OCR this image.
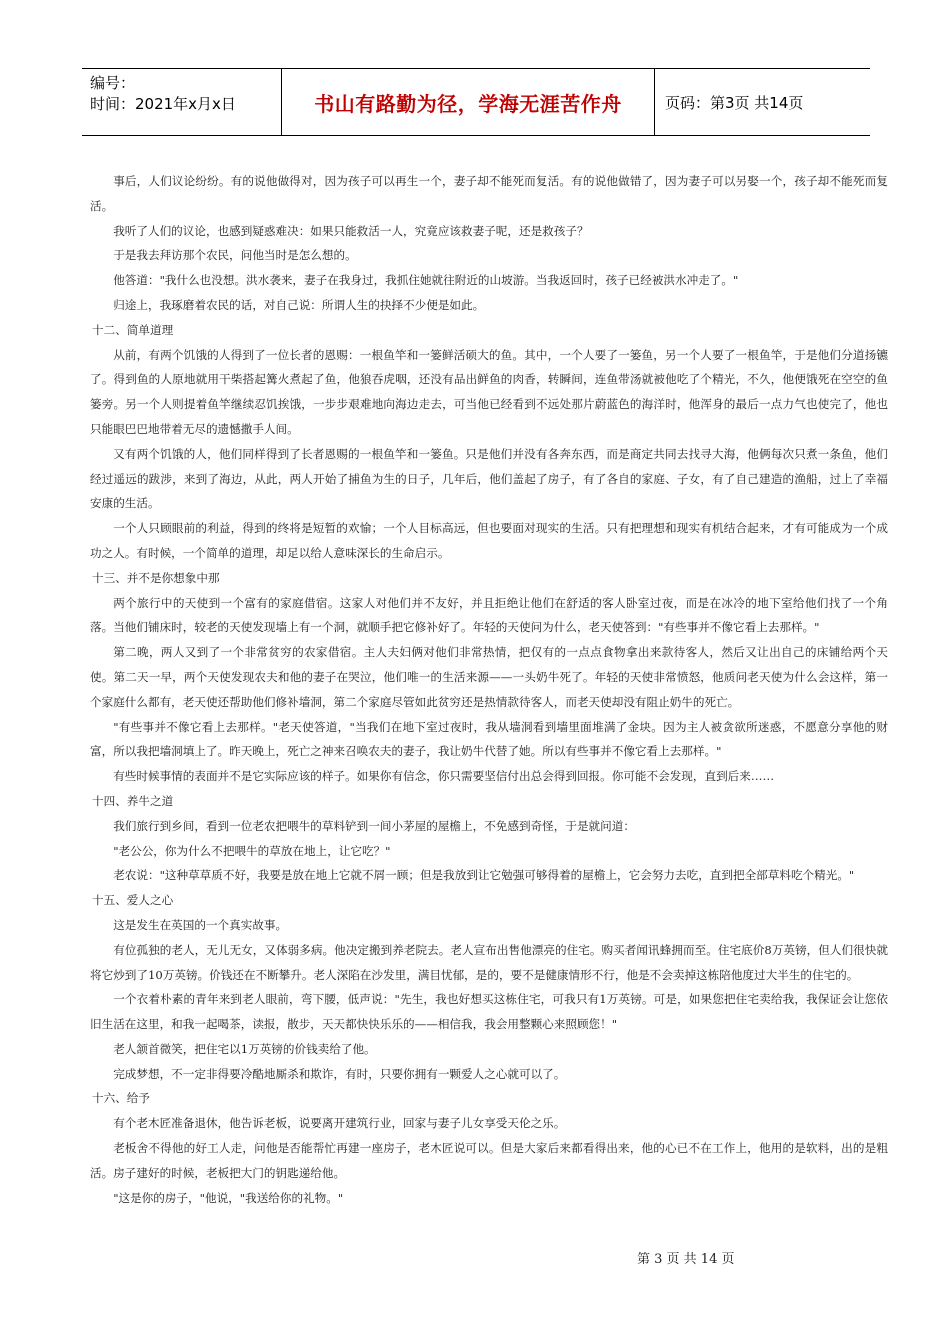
编号：
时间：2021年x月x日	书山有路勤为径，学海无涯苦作舟	页码：第3页 共14页

事后，人们议论纷纷。有的说他做得对，因为孩子可以再生一个，妻子却不能死而复活。有的说他做错了，因为妻子可以另娶一个，孩子却不能死而复活。

我听了人们的议论，也感到疑惑难决：如果只能救活一人，究竟应该救妻子呢，还是救孩子？

于是我去拜访那个农民，问他当时是怎么想的。

他答道："我什么也没想。洪水袭来，妻子在我身过，我抓住她就往附近的山坡游。当我返回时，孩子已经被洪水冲走了。"

归途上，我琢磨着农民的话，对自己说：所谓人生的抉择不少便是如此。

十二、简单道理

从前，有两个饥饿的人得到了一位长者的恩赐：一根鱼竿和一篓鲜活硕大的鱼。其中，一个人要了一篓鱼，另一个人要了一根鱼竿，于是他们分道扬镳了。得到鱼的人原地就用干柴搭起篝火煮起了鱼，他狼吞虎咽，还没有品出鲜鱼的肉香，转瞬间，连鱼带汤就被他吃了个精光，不久，他便饿死在空空的鱼篓旁。另一个人则提着鱼竿继续忍饥挨饿，一步步艰难地向海边走去，可当他已经看到不远处那片蔚蓝色的海洋时，他浑身的最后一点力气也使完了，他也只能眼巴巴地带着无尽的遗憾撒手人间。

又有两个饥饿的人，他们同样得到了长者恩赐的一根鱼竿和一篓鱼。只是他们并没有各奔东西，而是商定共同去找寻大海，他俩每次只煮一条鱼，他们经过遥远的跋涉，来到了海边，从此，两人开始了捕鱼为生的日子，几年后，他们盖起了房子，有了各自的家庭、子女，有了自己建造的渔船，过上了幸福安康的生活。

一个人只顾眼前的利益，得到的终将是短暂的欢愉；一个人目标高远，但也要面对现实的生活。只有把理想和现实有机结合起来，才有可能成为一个成功之人。有时候，一个简单的道理，却足以给人意味深长的生命启示。

十三、并不是你想象中那

两个旅行中的天使到一个富有的家庭借宿。这家人对他们并不友好，并且拒绝让他们在舒适的客人卧室过夜，而是在冰冷的地下室给他们找了一个角落。当他们铺床时，较老的天使发现墙上有一个洞，就顺手把它修补好了。年轻的天使问为什么，老天使答到："有些事并不像它看上去那样。"

第二晚，两人又到了一个非常贫穷的农家借宿。主人夫妇俩对他们非常热情，把仅有的一点点食物拿出来款待客人，然后又让出自己的床铺给两个天使。第二天一早，两个天使发现农夫和他的妻子在哭泣，他们唯一的生活来源——一头奶牛死了。年轻的天使非常愤怒，他质问老天使为什么会这样，第一个家庭什么都有，老天使还帮助他们修补墙洞，第二个家庭尽管如此贫穷还是热情款待客人，而老天使却没有阻止奶牛的死亡。

"有些事并不像它看上去那样。"老天使答道，"当我们在地下室过夜时，我从墙洞看到墙里面堆满了金块。因为主人被贪欲所迷惑，不愿意分享他的财富，所以我把墙洞填上了。昨天晚上，死亡之神来召唤农夫的妻子，我让奶牛代替了她。所以有些事并不像它看上去那样。"

有些时候事情的表面并不是它实际应该的样子。如果你有信念，你只需要坚信付出总会得到回报。你可能不会发现，直到后来……

十四、养牛之道

我们旅行到乡间，看到一位老农把喂牛的草料铲到一间小茅屋的屋檐上，不免感到奇怪，于是就问道：

"老公公，你为什么不把喂牛的草放在地上，让它吃？"

老农说："这种草草质不好，我要是放在地上它就不屑一顾；但是我放到让它勉强可够得着的屋檐上，它会努力去吃，直到把全部草料吃个精光。"

十五、爱人之心

这是发生在英国的一个真实故事。

有位孤独的老人，无儿无女，又体弱多病。他决定搬到养老院去。老人宣布出售他漂亮的住宅。购买者闻讯蜂拥而至。住宅底价8万英镑，但人们很快就将它炒到了10万英镑。价钱还在不断攀升。老人深陷在沙发里，满目忧郁，是的，要不是健康情形不行，他是不会卖掉这栋陪他度过大半生的住宅的。

一个衣着朴素的青年来到老人眼前，弯下腰，低声说："先生，我也好想买这栋住宅，可我只有1万英镑。可是，如果您把住宅卖给我，我保证会让您依旧生活在这里，和我一起喝茶，读报，散步，天天都快快乐乐的——相信我，我会用整颗心来照顾您！"

老人颔首微笑，把住宅以1万英镑的价钱卖给了他。

完成梦想，不一定非得要冷酷地厮杀和欺诈，有时，只要你拥有一颗爱人之心就可以了。

十六、给予

有个老木匠准备退休，他告诉老板，说要离开建筑行业，回家与妻子儿女享受天伦之乐。

老板舍不得他的好工人走，问他是否能帮忙再建一座房子，老木匠说可以。但是大家后来都看得出来，他的心已不在工作上，他用的是软料，出的是粗活。房子建好的时候，老板把大门的钥匙递给他。

"这是你的房子，"他说，"我送给你的礼物。"

第 3 页 共 14 页
